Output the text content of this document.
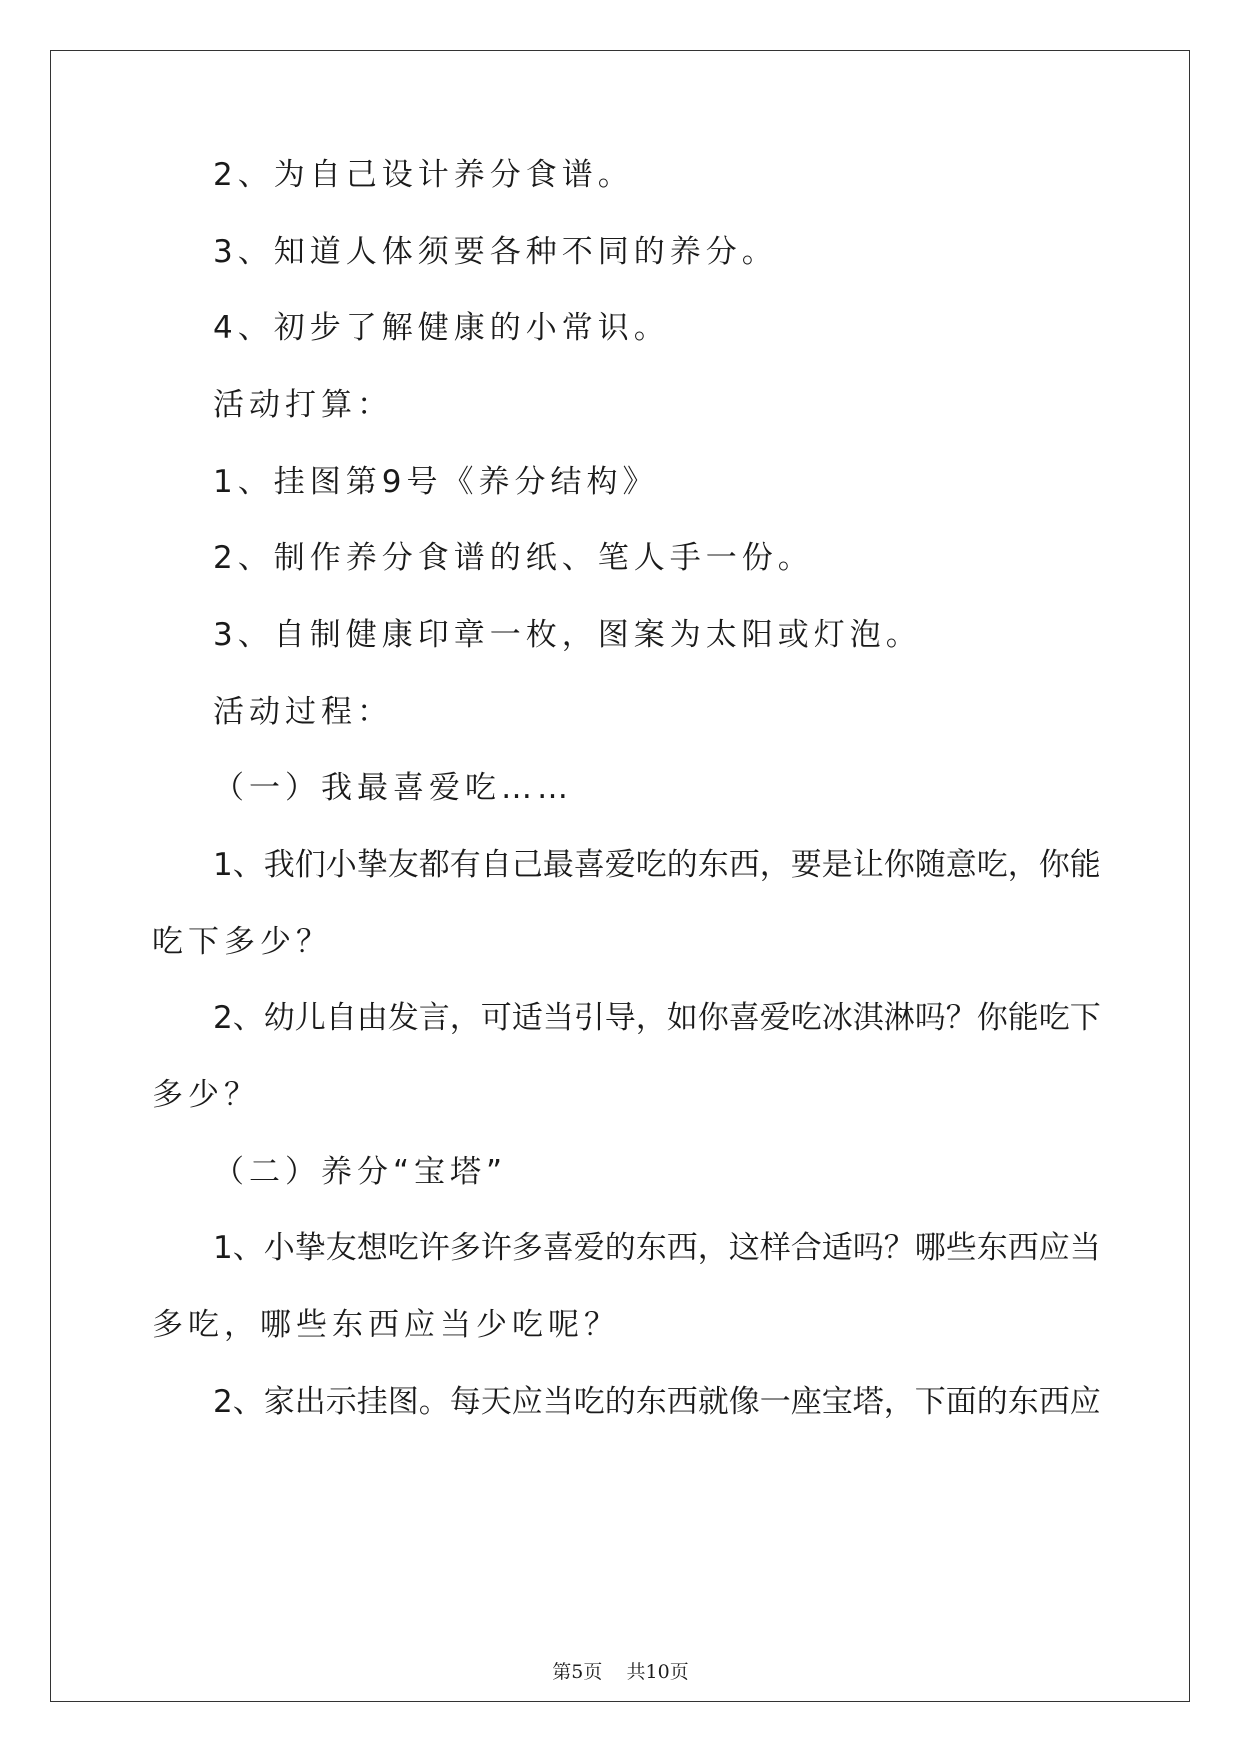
2、为自己设计养分食谱。
3、知道人体须要各种不同的养分。
4、初步了解健康的小常识。
活动打算：
1、挂图第9号《养分结构》
2、制作养分食谱的纸、笔人手一份。
3、自制健康印章一枚，图案为太阳或灯泡。
活动过程：
（一）我最喜爱吃……
1、我们小挚友都有自己最喜爱吃的东西，要是让你随意吃，你能
吃下多少？
2、幼儿自由发言，可适当引导，如你喜爱吃冰淇淋吗？你能吃下
多少？
（二）养分“宝塔”
1、小挚友想吃许多许多喜爱的东西，这样合适吗？哪些东西应当
多吃，哪些东西应当少吃呢？
2、家出示挂图。每天应当吃的东西就像一座宝塔，下面的东西应
第5页    共10页
